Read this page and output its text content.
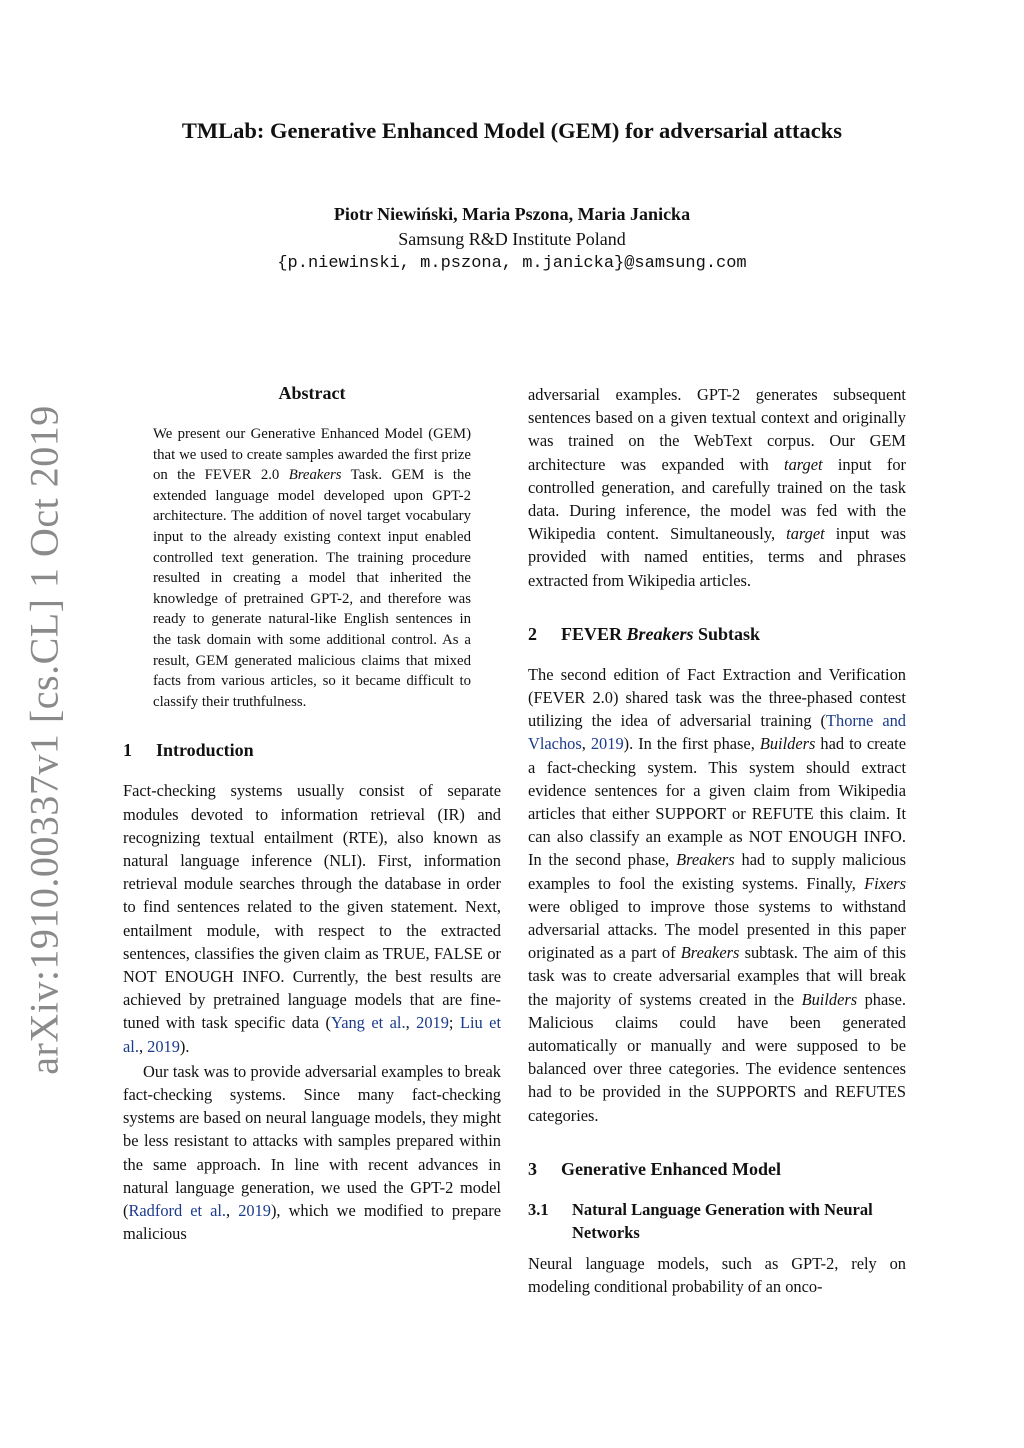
arXiv:1910.00337v1 [cs.CL] 1 Oct 2019
TMLab: Generative Enhanced Model (GEM) for adversarial attacks
Piotr Niewiński, Maria Pszona, Maria Janicka
Samsung R&D Institute Poland
{p.niewinski, m.pszona, m.janicka}@samsung.com
Abstract
We present our Generative Enhanced Model (GEM) that we used to create samples awarded the first prize on the FEVER 2.0 Breakers Task. GEM is the extended language model developed upon GPT-2 architecture. The addition of novel target vocabulary input to the already existing context input enabled controlled text generation. The training procedure resulted in creating a model that inherited the knowledge of pretrained GPT-2, and therefore was ready to generate natural-like English sentences in the task domain with some additional control. As a result, GEM generated malicious claims that mixed facts from various articles, so it became difficult to classify their truthfulness.
1	Introduction

Fact-checking systems usually consist of separate modules devoted to information retrieval (IR) and recognizing textual entailment (RTE), also known as natural language inference (NLI). First, information retrieval module searches through the database in order to find sentences related to the given statement. Next, entailment module, with respect to the extracted sentences, classifies the given claim as TRUE, FALSE or NOT ENOUGH INFO. Currently, the best results are achieved by pretrained language models that are fine-tuned with task specific data (Yang et al., 2019; Liu et al., 2019).

Our task was to provide adversarial examples to break fact-checking systems. Since many fact-checking systems are based on neural language models, they might be less resistant to attacks with samples prepared within the same approach. In line with recent advances in natural language generation, we used the GPT-2 model (Radford et al., 2019), which we modified to prepare malicious

adversarial examples. GPT-2 generates subsequent sentences based on a given textual context and originally was trained on the WebText corpus. Our GEM architecture was expanded with target input for controlled generation, and carefully trained on the task data. During inference, the model was fed with the Wikipedia content. Simultaneously, target input was provided with named entities, terms and phrases extracted from Wikipedia articles.

2	FEVER Breakers Subtask

The second edition of Fact Extraction and Verification (FEVER 2.0) shared task was the three-phased contest utilizing the idea of adversarial training (Thorne and Vlachos, 2019). In the first phase, Builders had to create a fact-checking system. This system should extract evidence sentences for a given claim from Wikipedia articles that either SUPPORT or REFUTE this claim. It can also classify an example as NOT ENOUGH INFO. In the second phase, Breakers had to supply malicious examples to fool the existing systems. Finally, Fixers were obliged to improve those systems to withstand adversarial attacks. The model presented in this paper originated as a part of Breakers subtask. The aim of this task was to create adversarial examples that will break the majority of systems created in the Builders phase. Malicious claims could have been generated automatically or manually and were supposed to be balanced over three categories. The evidence sentences had to be provided in the SUPPORTS and REFUTES categories.

3	Generative Enhanced Model
3.1	Natural Language Generation with Neural Networks

Neural language models, such as GPT-2, rely on modeling conditional probability of an onco-
